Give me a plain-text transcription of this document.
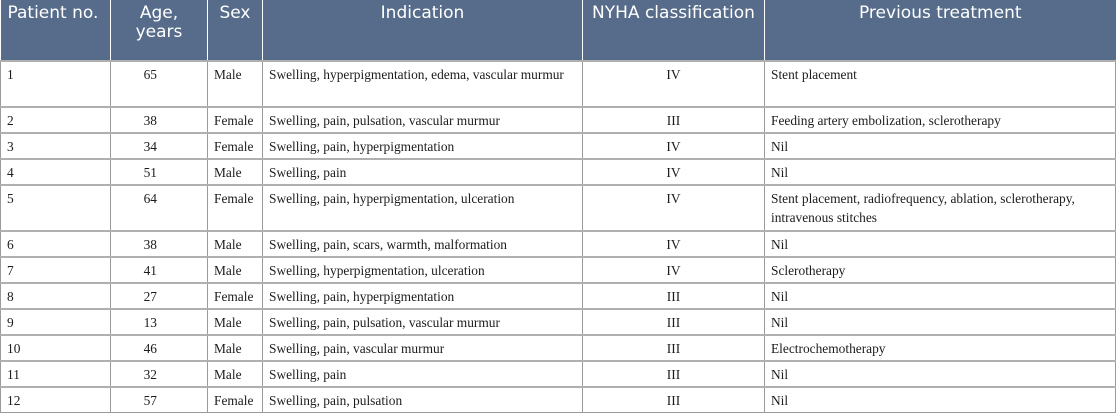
Patient no.	Age, years	Sex	Indication	NYHA classification	Previous treatment
1	65	Male	Swelling, hyperpigmentation, edema, vascular murmur	IV	Stent placement
2	38	Female	Swelling, pain, pulsation, vascular murmur	III	Feeding artery embolization, sclerotherapy
3	34	Female	Swelling, pain, hyperpigmentation	IV	Nil
4	51	Male	Swelling, pain	IV	Nil
5	64	Female	Swelling, pain, hyperpigmentation, ulceration	IV	Stent placement, radiofrequency, ablation, sclerotherapy, intravenous stitches
6	38	Male	Swelling, pain, scars, warmth, malformation	IV	Nil
7	41	Male	Swelling, hyperpigmentation, ulceration	IV	Sclerotherapy
8	27	Female	Swelling, pain, hyperpigmentation	III	Nil
9	13	Male	Swelling, pain, pulsation, vascular murmur	III	Nil
10	46	Male	Swelling, pain, vascular murmur	III	Electrochemotherapy
11	32	Male	Swelling, pain	III	Nil
12	57	Female	Swelling, pain, pulsation	III	Nil
